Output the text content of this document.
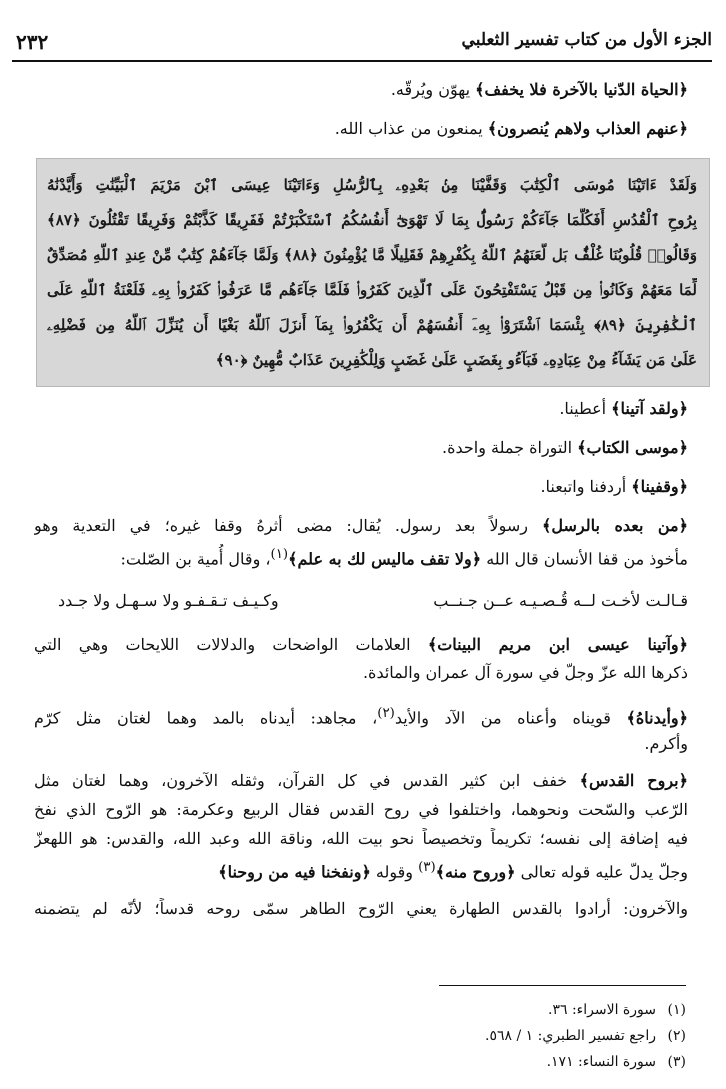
الجزء الأول من كتاب تفسير الثعلبي
٢٣٢
﴿الحياة الدّنيا بالآخرة فلا يخفف﴾ يهوّن ويُرقّه.
﴿عنهم العذاب ولاهم يُنصرون﴾ يمنعون من عذاب الله.
وَلَقَدْ ءَاتَيْنَا مُوسَى ٱلْكِتَٰبَ وَقَفَّيْنَا مِنۢ بَعْدِهِۦ بِٱلرُّسُلِ وَءَاتَيْنَا عِيسَى ٱبْنَ مَرْيَمَ ٱلْبَيِّنَٰتِ وَأَيَّدْنَٰهُ
بِرُوحِ ٱلْقُدُسِ أَفَكُلَّمَا جَآءَكُمْ رَسُولٌۢ بِمَا لَا تَهْوَىٰٓ أَنفُسُكُمُ ٱسْتَكْبَرْتُمْ فَفَرِيقًا كَذَّبْتُمْ وَفَرِيقًا تَقْتُلُونَ ﴿٨٧﴾
وَقَالُوا۟ قُلُوبُنَا غُلْفٌۢ بَل لَّعَنَهُمُ ٱللَّهُ بِكُفْرِهِمْ فَقَلِيلًا مَّا يُؤْمِنُونَ ﴿٨٨﴾ وَلَمَّا جَآءَهُمْ كِتَٰبٌ مِّنْ عِندِ ٱللَّهِ مُصَدِّقٌ
لِّمَا مَعَهُمْ وَكَانُوا۟ مِن قَبْلُ يَسْتَفْتِحُونَ عَلَى ٱلَّذِينَ كَفَرُوا۟ فَلَمَّا جَآءَهُم مَّا عَرَفُوا۟ كَفَرُوا۟ بِهِۦ فَلَعْنَةُ ٱللَّهِ عَلَى
ٱلْكَٰفِرِينَ ﴿٨٩﴾ بِئْسَمَا ٱشْتَرَوْا۟ بِهِۦٓ أَنفُسَهُمْ أَن يَكْفُرُوا۟ بِمَآ أَنزَلَ ٱللَّهُ بَغْيًا أَن يُنَزِّلَ ٱللَّهُ مِن فَضْلِهِۦ
عَلَىٰ مَن يَشَآءُ مِنْ عِبَادِهِۦ فَبَآءُو بِغَضَبٍ عَلَىٰ غَضَبٍ وَلِلْكَٰفِرِينَ عَذَابٌ مُّهِينٌ ﴿٩٠﴾
﴿ولقد آتينا﴾ أعطينا.
﴿موسى الكتاب﴾ التوراة جملة واحدة.
﴿وقفينا﴾ أردفنا واتبعنا.
﴿من بعده بالرسل﴾ رسولاً بعد رسول. يُقال: مضى أثرهُ وقفا غيره؛ في التعدية وهو
مأخوذ من قفا الأنسان قال الله ﴿ولا تقف ماليس لك به علم﴾$^{(١)}$، وقال أُمية بن الصّلت:
قـالـت لأخـت لــه قُـصـيـه عــن جـنــبوكـيـف تـقـفـو ولا سـهـل ولا جـدد
﴿وآتينا عيسى ابن مريم البينات﴾ العلامات الواضحات والدلالات اللايحات وهي التي
ذكرها الله عزّ وجلّ في سورة آل عمران والمائدة.
﴿وأيدناهُ﴾ قويناه وأعناه من الآد والأيد$^{(٢)}$، مجاهد: أيدناه بالمد وهما لغتان مثل كرّم
وأكرم.
﴿بروح القدس﴾ خفف ابن كثير القدس في كل القرآن، وثقله الآخرون، وهما لغتان مثل
الرّعب والسّحت ونحوهما، واختلفوا في روح القدس فقال الربيع وعكرمة: هو الرّوح الذي نفخ
فيه إضافة إلى نفسه؛ تكريماً وتخصيصاً نحو بيت الله، وناقة الله وعبد الله، والقدس: هو اللهعزّ
وجلّ يدلّ عليه قوله تعالى ﴿وروح منه﴾$^{(٣)}$ وقوله ﴿ونفخنا فيه من روحنا﴾
والآخرون: أرادوا بالقدس الطهارة يعني الرّوح الطاهر سمّى روحه قدساً؛ لأنّه لم يتضمنه
(١)سورة الاسراء: ٣٦.
(٢)راجع تفسير الطبري: ١ / ٥٦٨.
(٣)سورة النساء: ١٧١.
